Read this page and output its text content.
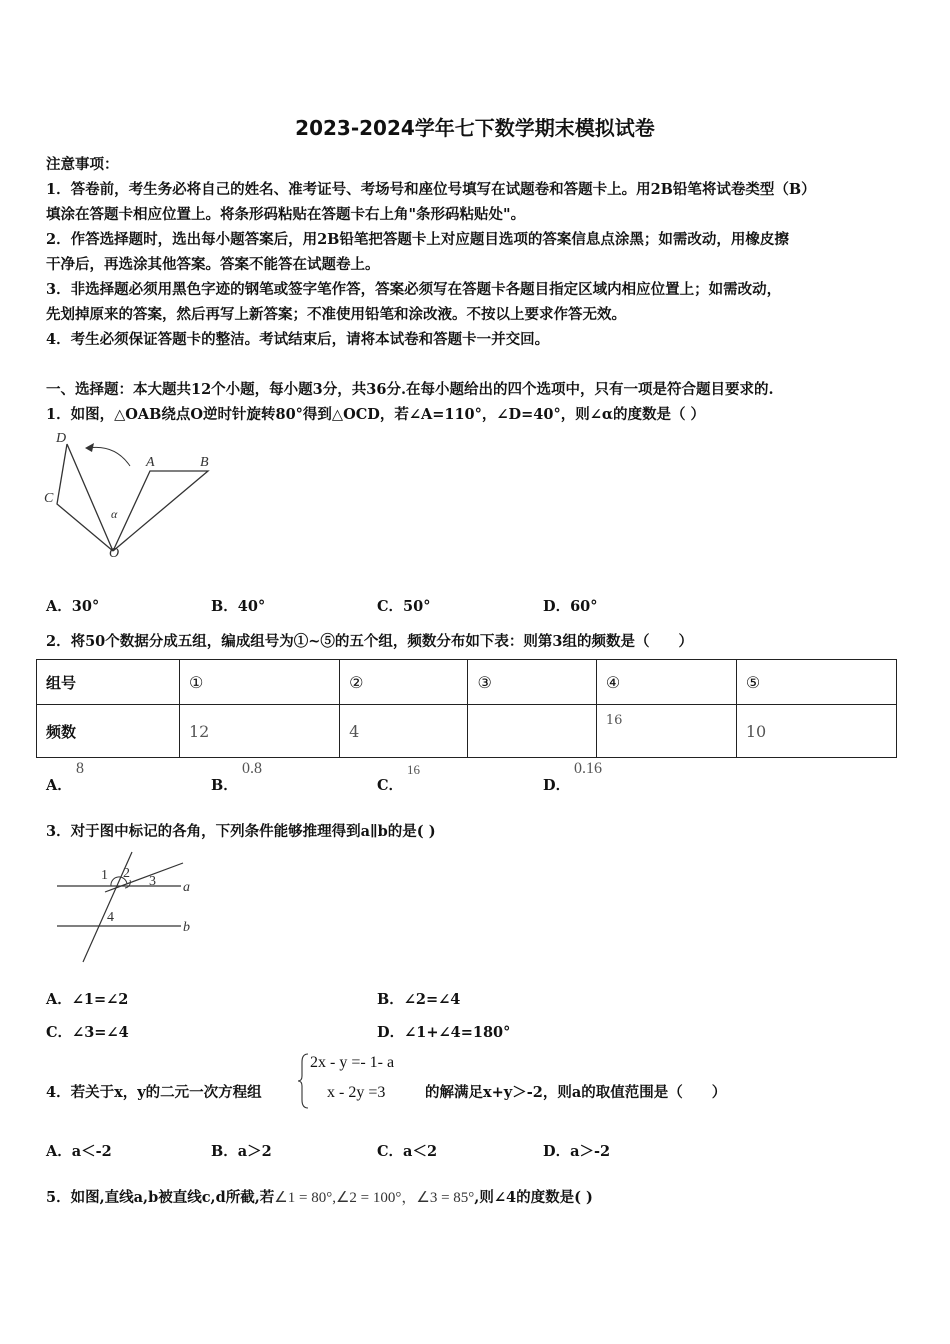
2023-2024学年七下数学期末模拟试卷
注意事项：
1．答卷前，考生务必将自己的姓名、准考证号、考场号和座位号填写在试题卷和答题卡上。用2B铅笔将试卷类型（B）
填涂在答题卡相应位置上。将条形码粘贴在答题卡右上角"条形码粘贴处"。
2．作答选择题时，选出每小题答案后，用2B铅笔把答题卡上对应题目选项的答案信息点涂黑；如需改动，用橡皮擦
干净后，再选涂其他答案。答案不能答在试题卷上。
3．非选择题必须用黑色字迹的钢笔或签字笔作答，答案必须写在答题卡各题目指定区域内相应位置上；如需改动，
先划掉原来的答案，然后再写上新答案；不准使用铅笔和涂改液。不按以上要求作答无效。
4．考生必须保证答题卡的整洁。考试结束后，请将本试卷和答题卡一并交回。
一、选择题：本大题共12个小题，每小题3分，共36分.在每小题给出的四个选项中，只有一项是符合题目要求的.
1．如图，△OAB绕点O逆时针旋转80°得到△OCD，若∠A=110°，∠D=40°，则∠α的度数是（ ）
D
A	B
C
O
α
A．30°	B．40°	C．50°	D．60°
2．将50个数据分成五组，编成组号为①~⑤的五个组，频数分布如下表：则第3组的频数是（　　）
组号	①	②	③	④	⑤
频数	12	4		16	10
A．
8
B．
0.8
C．
16
D．
0.16
3．对于图中标记的各角，下列条件能够推理得到a∥b的是( )
1 2
3
4
a
b
A．∠1=∠2	B．∠2=∠4
C．∠3=∠4	D．∠1+∠4=180°
4．若关于x，y的二元一次方程组
2x - y =- 1- a
x - 2y =3	的解满足x+y＞-2，则a的取值范围是（　　）
A．a＜-2	B．a＞2	C．a＜2	D．a＞-2
5．如图,直线a,b被直线c,d所截,若∠1 = 80°,∠2 = 100°，∠3 = 85°,则∠4的度数是( )
